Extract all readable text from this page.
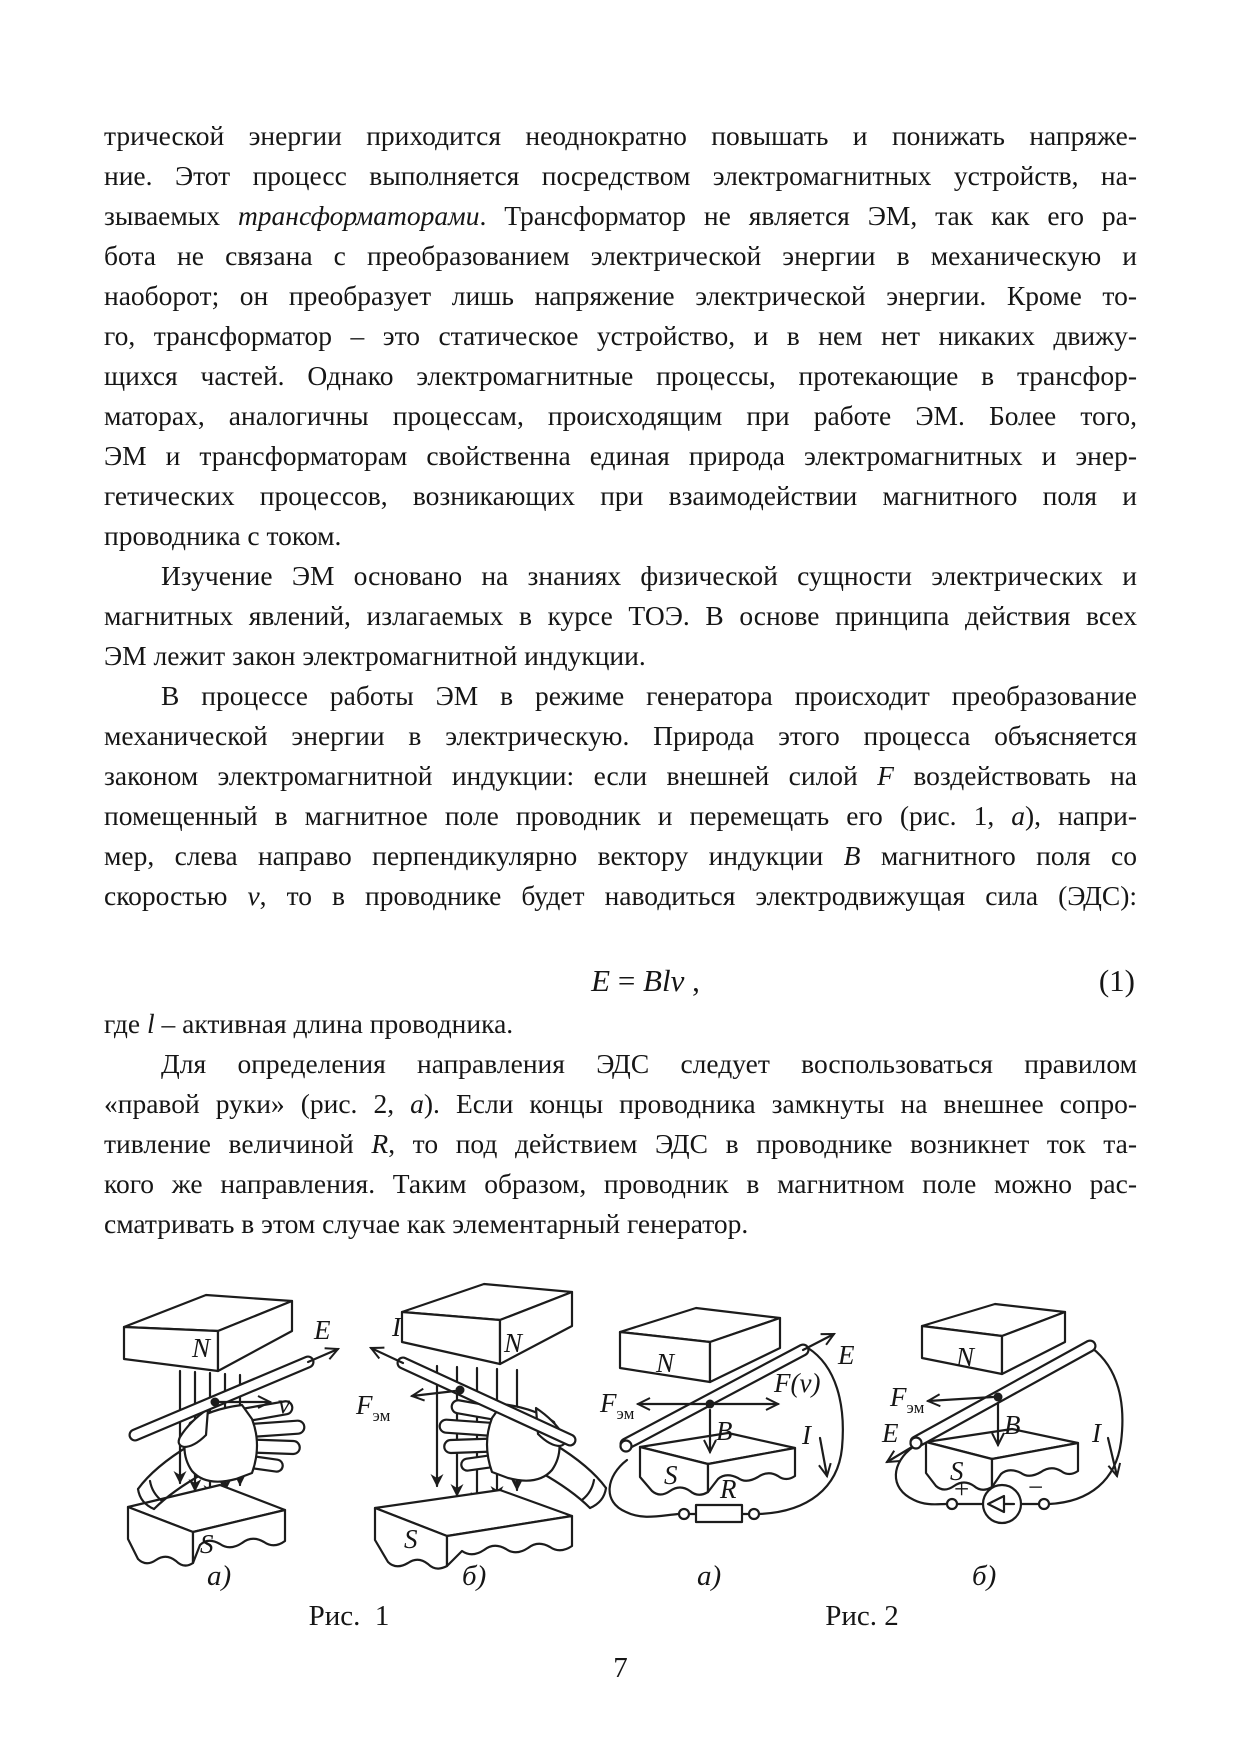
трической энергии приходится неоднократно повышать и понижать напряже-
ние. Этот процесс выполняется посредством электромагнитных устройств, на-
зываемых трансформаторами. Трансформатор не является ЭМ, так как его ра-
бота не связана с преобразованием электрической энергии в механическую и
наоборот; он преобразует лишь напряжение электрической энергии. Кроме то-
го, трансформатор – это статическое устройство, и в нем нет никаких движу-
щихся частей. Однако электромагнитные процессы, протекающие в трансфор-
маторах, аналогичны процессам, происходящим при работе ЭМ. Более того,
ЭМ и трансформаторам свойственна единая природа электромагнитных и энер-
гетических процессов, возникающих при взаимодействии магнитного поля и
проводника с током.
Изучение ЭМ основано на знаниях физической сущности электрических и
магнитных явлений, излагаемых в курсе ТОЭ. В основе принципа действия всех
ЭМ лежит закон электромагнитной индукции.
В процессе работы ЭМ в режиме генератора происходит преобразование
механической энергии в электрическую. Природа этого процесса объясняется
законом электромагнитной индукции: если внешней силой F воздействовать на
помещенный в магнитное поле проводник и перемещать его (рис. 1, а), напри-
мер, слева направо перпендикулярно вектору индукции B магнитного поля со
скоростью v, то в проводнике будет наводиться электродвижущая сила (ЭДС):
E = Blv ,	(1)
где l – активная длина проводника.
Для определения направления ЭДС следует воспользоваться правилом
«правой руки» (рис. 2, а). Если концы проводника замкнуты на внешнее сопро-
тивление величиной R, то под действием ЭДС в проводнике возникнет ток та-
кого же направления. Таким образом, проводник в магнитном поле можно рас-
сматривать в этом случае как элементарный генератор.
N
S
E
v
N
S
I
$F_{эм}$
N
S
E
F(v)
$F_{эм}$
B	I
R
N
S
E
$F_{эм}$
B	I
+ −
а)	б)	а)	б)
Рис.  1	Рис. 2
7
